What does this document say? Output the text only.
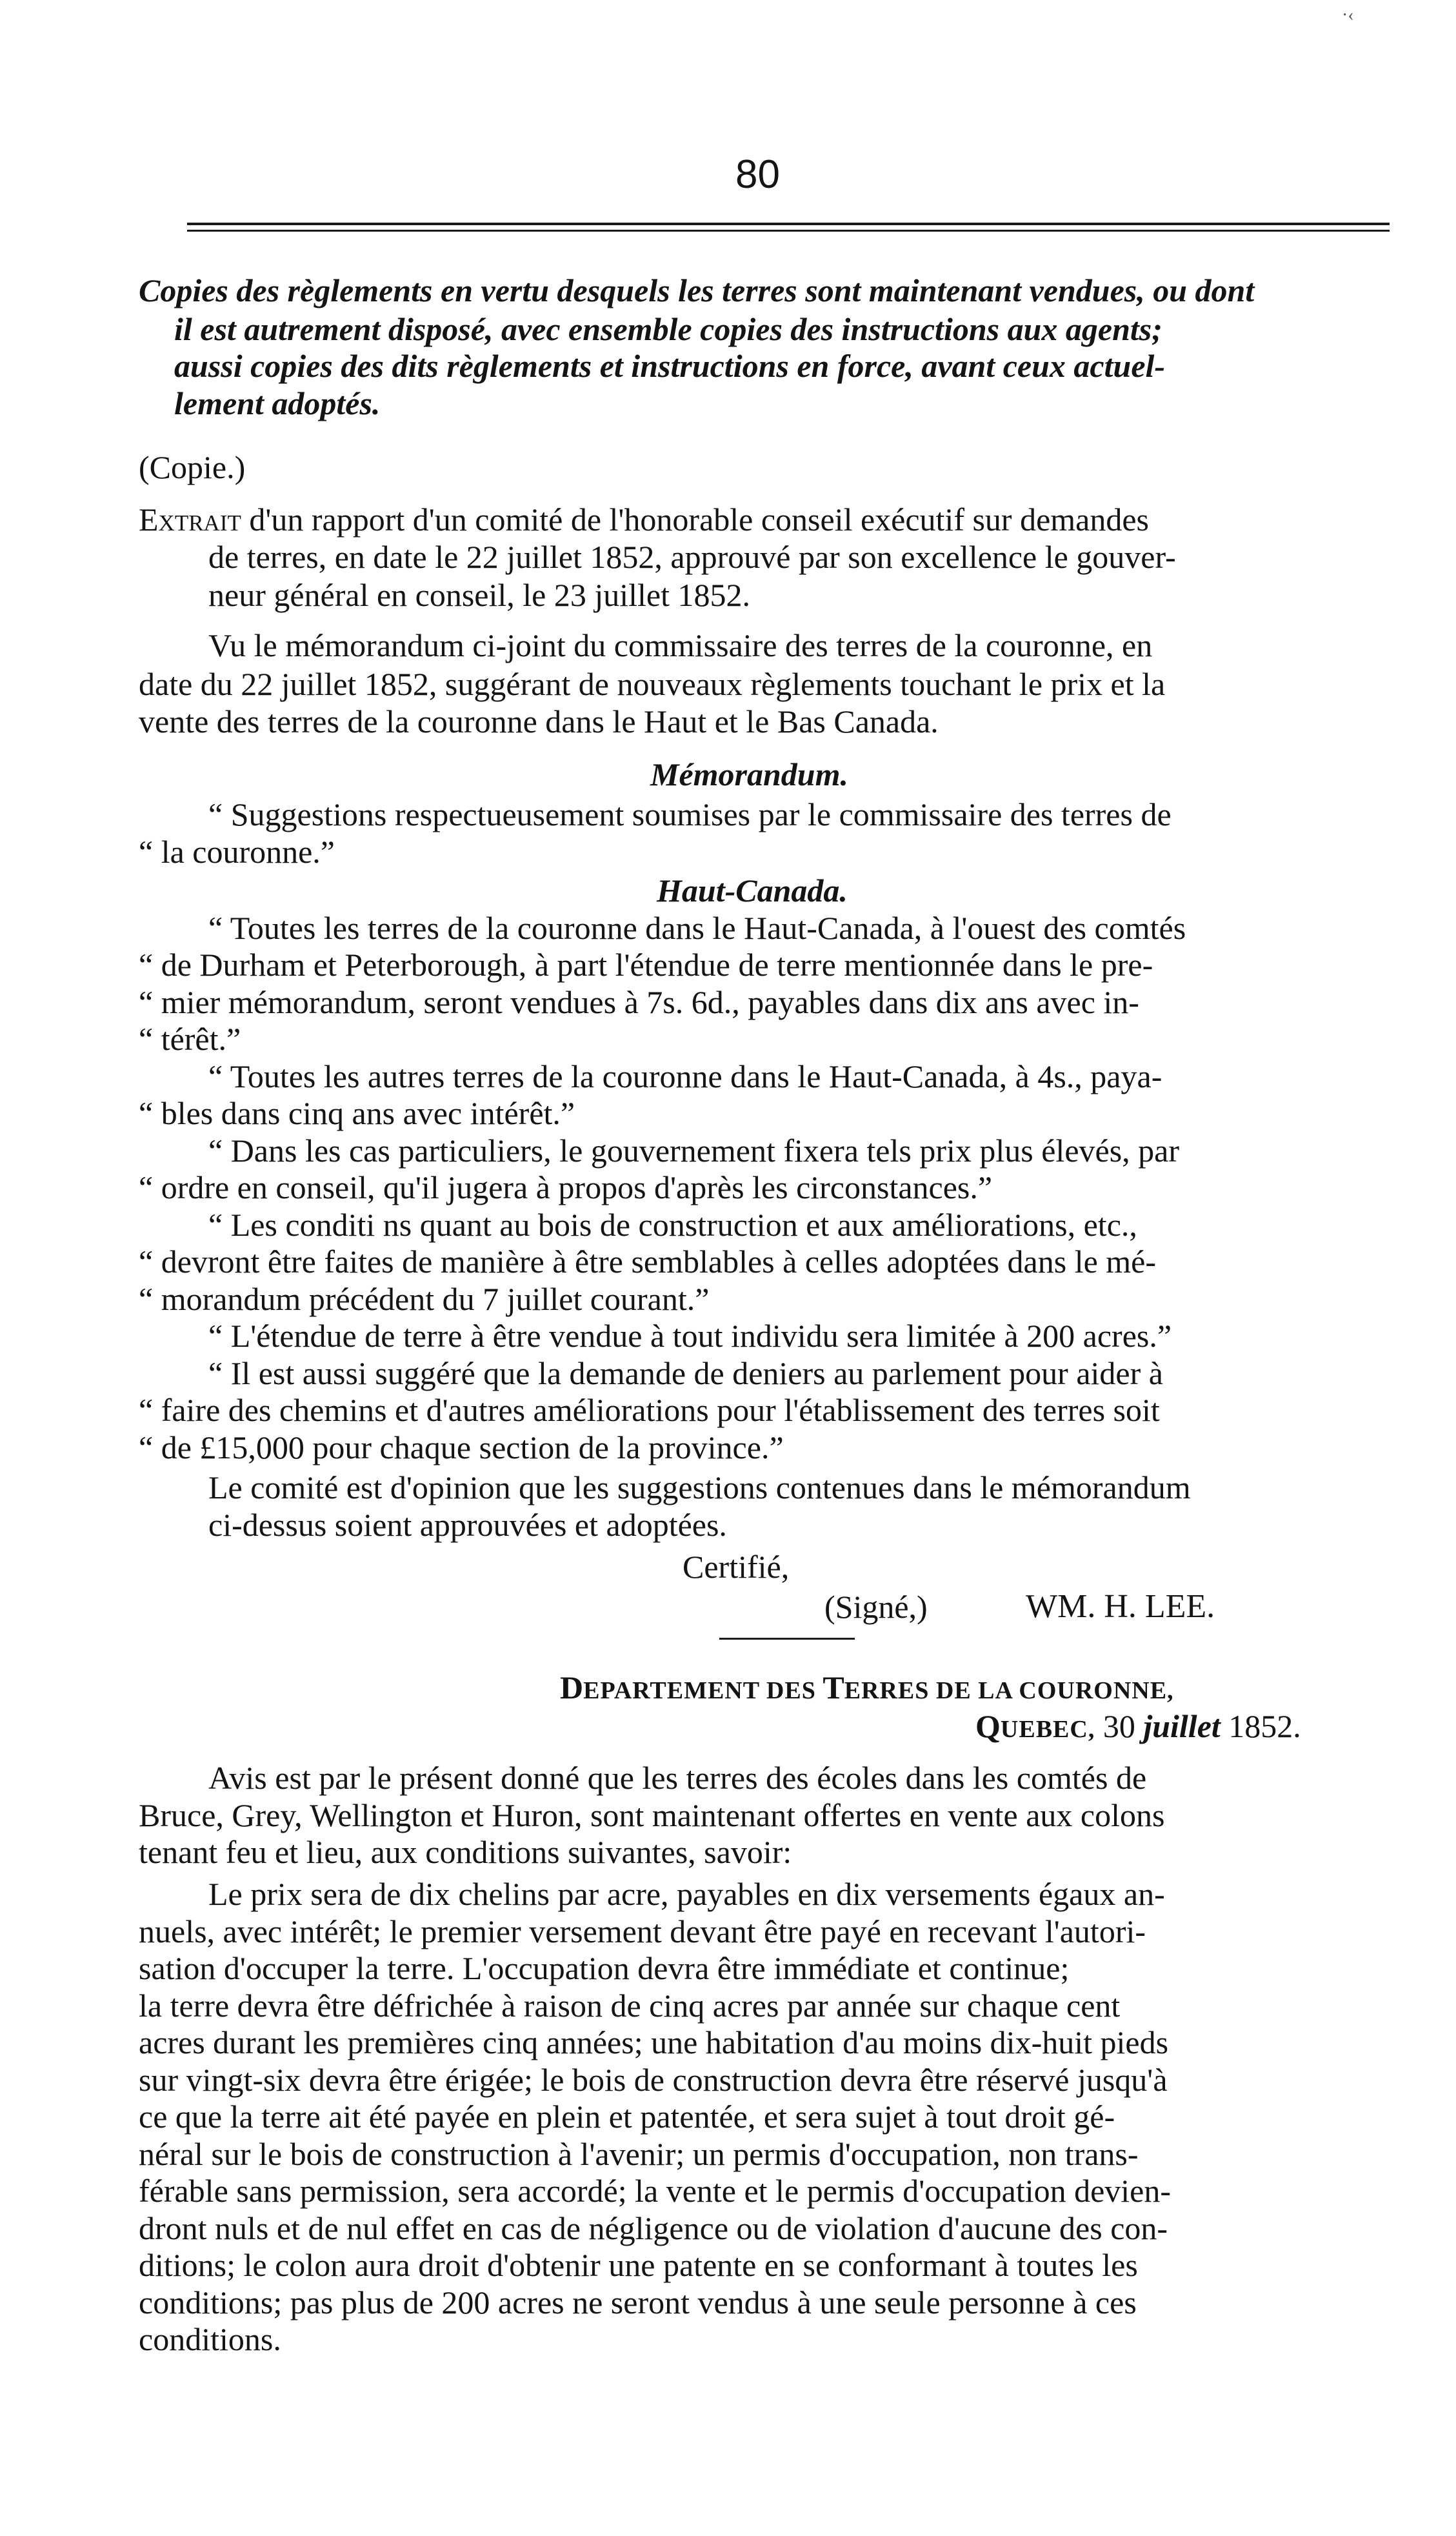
·‹
80
Copies des règlements en vertu desquels les terres sont maintenant vendues, ou dont
il est autrement disposé, avec ensemble copies des instructions aux agents;
aussi copies des dits règlements et instructions en force, avant ceux actuel-
lement adoptés.
(Copie.)
Extrait d'un rapport d'un comité de l'honorable conseil exécutif sur demandes
de terres, en date le 22 juillet 1852, approuvé par son excellence le gouver-
neur général en conseil, le 23 juillet 1852.
Vu le mémorandum ci-joint du commissaire des terres de la couronne, en
date du 22 juillet 1852, suggérant de nouveaux règlements touchant le prix et la
vente des terres de la couronne dans le Haut et le Bas Canada.
Mémorandum.
“ Suggestions respectueusement soumises par le commissaire des terres de
“ la couronne.”
Haut-Canada.
“ Toutes les terres de la couronne dans le Haut-Canada, à l'ouest des comtés
“ de Durham et Peterborough, à part l'étendue de terre mentionnée dans le pre-
“ mier mémorandum, seront vendues à 7s. 6d., payables dans dix ans avec in-
“ térêt.”
“ Toutes les autres terres de la couronne dans le Haut-Canada, à 4s., paya-
“ bles dans cinq ans avec intérêt.”
“ Dans les cas particuliers, le gouvernement fixera tels prix plus élevés, par
“ ordre en conseil, qu'il jugera à propos d'après les circonstances.”
“ Les conditi ns quant au bois de construction et aux améliorations, etc.,
“ devront être faites de manière à être semblables à celles adoptées dans le mé-
“ morandum précédent du 7 juillet courant.”
“ L'étendue de terre à être vendue à tout individu sera limitée à 200 acres.”
“ Il est aussi suggéré que la demande de deniers au parlement pour aider à
“ faire des chemins et d'autres améliorations pour l'établissement des terres soit
“ de £15,000 pour chaque section de la province.”
Le comité est d'opinion que les suggestions contenues dans le mémorandum
ci-dessus soient approuvées et adoptées.
Certifié,
(Signé,)	WM. H. LEE.
DEPARTEMENT DES TERRES DE LA COURONNE,
QUEBEC, 30 juillet 1852.
Avis est par le présent donné que les terres des écoles dans les comtés de
Bruce, Grey, Wellington et Huron, sont maintenant offertes en vente aux colons
tenant feu et lieu, aux conditions suivantes, savoir:
Le prix sera de dix chelins par acre, payables en dix versements égaux an-
nuels, avec intérêt; le premier versement devant être payé en recevant l'autori-
sation d'occuper la terre. L'occupation devra être immédiate et continue;
la terre devra être défrichée à raison de cinq acres par année sur chaque cent
acres durant les premières cinq années; une habitation d'au moins dix-huit pieds
sur vingt-six devra être érigée; le bois de construction devra être réservé jusqu'à
ce que la terre ait été payée en plein et patentée, et sera sujet à tout droit gé-
néral sur le bois de construction à l'avenir; un permis d'occupation, non trans-
férable sans permission, sera accordé; la vente et le permis d'occupation devien-
dront nuls et de nul effet en cas de négligence ou de violation d'aucune des con-
ditions; le colon aura droit d'obtenir une patente en se conformant à toutes les
conditions; pas plus de 200 acres ne seront vendus à une seule personne à ces
conditions.
